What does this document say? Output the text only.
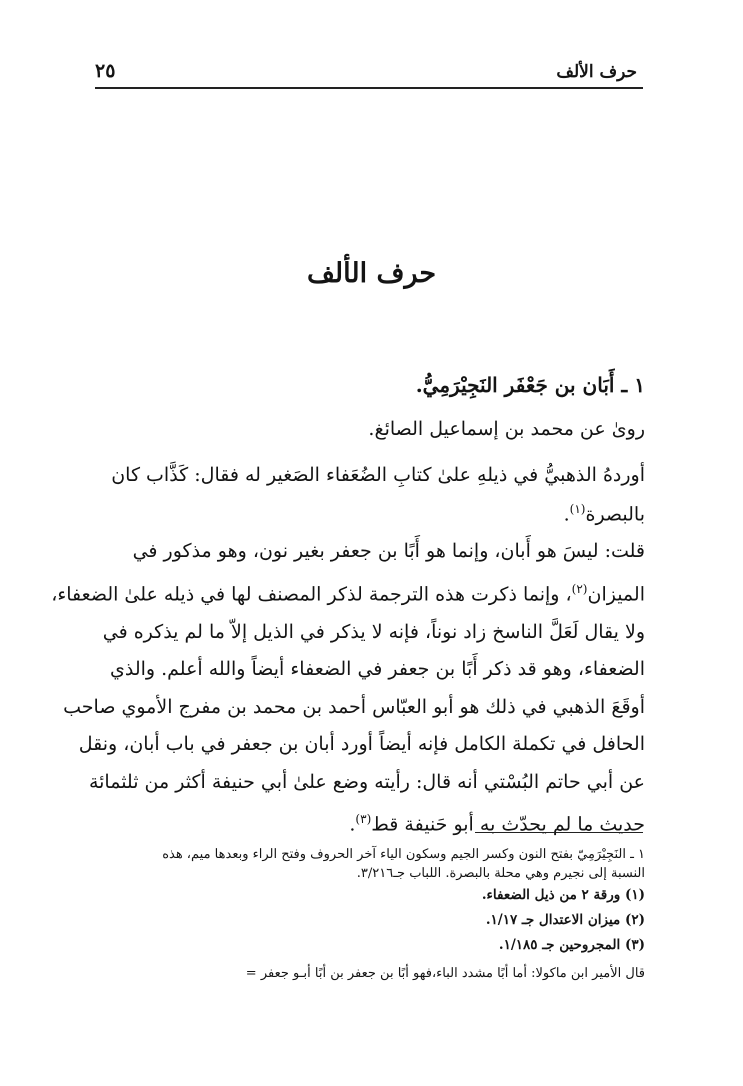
حرف الألف
٢٥
حرف الألف
١ ـ أَبَان بن جَعْفَر النَجِيْرَمِيُّ.
روىٰ عن محمد بن إسماعيل الصائغ.
أوردهُ الذهبيُّ في ذيلهِ علىٰ كتابِ الضُعَفاء الصَغير له فقال: كَذَّاب كان
بالبصرة$^{(١)}$.
قلت: ليسَ هو أَبان، وإنما هو أَبًا بن جعفر بغير نون، وهو مذكور في
الميزان$^{(٢)}$، وإنما ذكرت هذه الترجمة لذكر المصنف لها في ذيله علىٰ الضعفاء،
ولا يقال لَعَلَّ الناسخ زاد نوناً، فإنه لا يذكر في الذيل إلاّ ما لم يذكره في
الضعفاء، وهو قد ذكر أَبًا بن جعفر في الضعفاء أيضاً والله أعلم. والذي
أوقَعَ الذهبي في ذلك هو أبو العبّاس أحمد بن محمد بن مفرج الأموي صاحب
الحافل في تكملة الكامل فإنه أيضاً أورد أبان بن جعفر في باب أبان، ونقل
عن أبي حاتم البُسْتي أنه قال: رأيته وضع علىٰ أبي حنيفة أكثر من ثلثمائة
حديث ما لم يحدّث به أبو حَنيفة قط$^{(٣)}$.
١ ـ النَجِيْرَمِيّ بفتح النون وكسر الجيم وسكون الياء آخر الحروف وفتح الراء وبعدها ميم، هذه
النسبة إلى نجيرم وهي محلة بالبصرة. اللباب جـ٣/٢١٦.
(١) ورقة ٢ من ذيل الضعفاء.
(٢) ميزان الاعتدال جـ ١/١٧.
(٣) المجروحين جـ ١/١٨٥.
قال الأمير ابن ماكولا: أما أبًا مشدد الباء،فهو أبًا بن جعفر بن أبًا أبـو جعفر =
